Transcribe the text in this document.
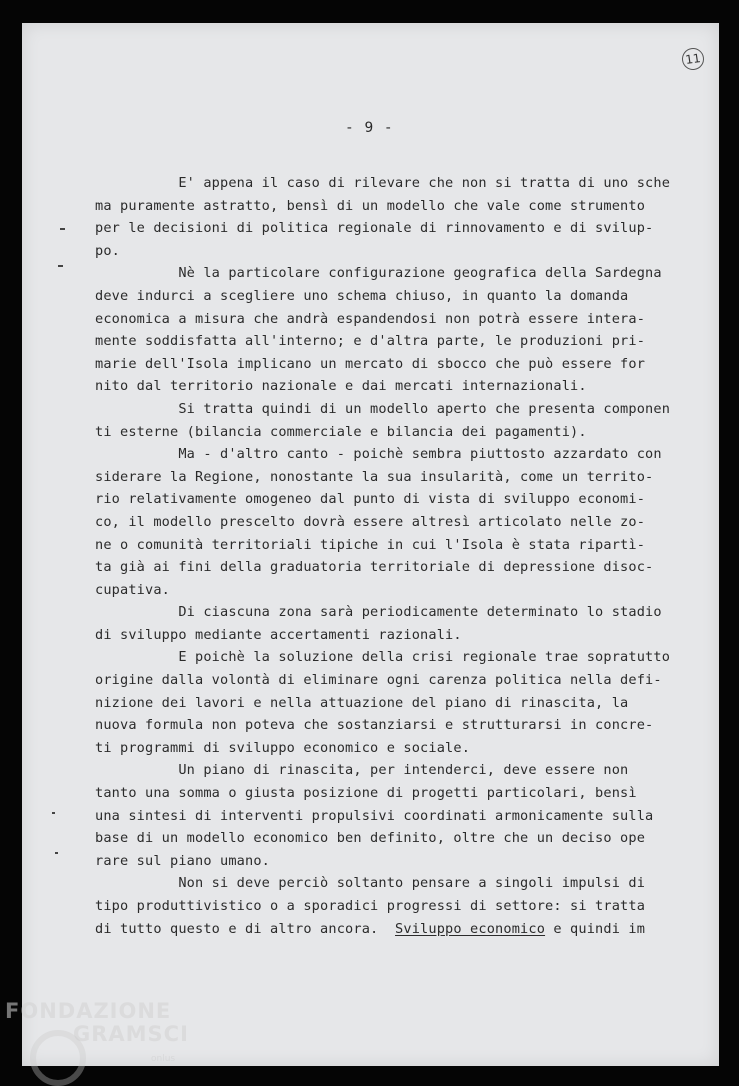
11
- 9 -
E' appena il caso di rilevare che non si tratta di uno sche
ma puramente astratto, bensì di un modello che vale come strumento
per le decisioni di politica regionale di rinnovamento e di svilup-
po.
Nè la particolare configurazione geografica della Sardegna
deve indurci a scegliere uno schema chiuso, in quanto la domanda
economica a misura che andrà espandendosi non potrà essere intera-
mente soddisfatta all'interno; e d'altra parte, le produzioni pri-
marie dell'Isola implicano un mercato di sbocco che può essere for
nito dal territorio nazionale e dai mercati internazionali.
Si tratta quindi di un modello aperto che presenta componen
ti esterne (bilancia commerciale e bilancia dei pagamenti).
Ma - d'altro canto - poichè sembra piuttosto azzardato con
siderare la Regione, nonostante la sua insularità, come un territo-
rio relativamente omogeneo dal punto di vista di sviluppo economi-
co, il modello prescelto dovrà essere altresì articolato nelle zo-
ne o comunità territoriali tipiche in cui l'Isola è stata ripartì-
ta già ai fini della graduatoria territoriale di depressione disoc-
cupativa.
Di ciascuna zona sarà periodicamente determinato lo stadio
di sviluppo mediante accertamenti razionali.
E poichè la soluzione della crisi regionale trae sopratutto
origine dalla volontà di eliminare ogni carenza politica nella defi-
nizione dei lavori e nella attuazione del piano di rinascita, la
nuova formula non poteva che sostanziarsi e strutturarsi in concre-
ti programmi di sviluppo economico e sociale.
Un piano di rinascita, per intenderci, deve essere non
tanto una somma o giusta posizione di progetti particolari, bensì
una sintesi di interventi propulsivi coordinati armonicamente sulla
base di un modello economico ben definito, oltre che un deciso ope
rare sul piano umano.
Non si deve perciò soltanto pensare a singoli impulsi di
tipo produttivistico o a sporadici progressi di settore: si tratta
di tutto questo e di altro ancora.  Sviluppo economico e quindi im
FONDAZIONE
GRAMSCI
onlus
